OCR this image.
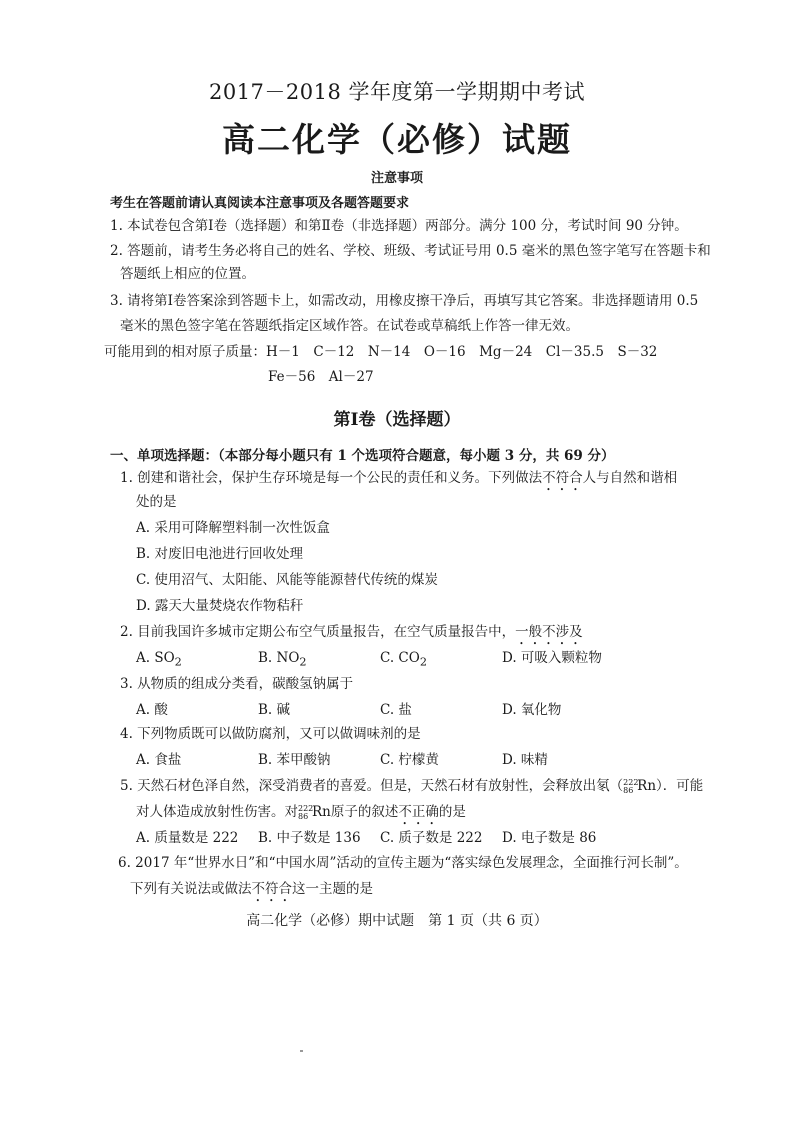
2017－2018 学年度第一学期期中考试
高二化学（必修）试题
注意事项
考生在答题前请认真阅读本注意事项及各题答题要求
1. 本试卷包含第Ⅰ卷（选择题）和第Ⅱ卷（非选择题）两部分。满分 100 分，考试时间 90 分钟。
2. 答题前，请考生务必将自己的姓名、学校、班级、考试证号用 0.5 毫米的黑色签字笔写在答题卡和
答题纸上相应的位置。
3. 请将第Ⅰ卷答案涂到答题卡上，如需改动，用橡皮擦干净后，再填写其它答案。非选择题请用 0.5
毫米的黑色签字笔在答题纸指定区域作答。在试卷或草稿纸上作答一律无效。
可能用到的相对原子质量：H－1　C－12　N－14　O－16　Mg－24　Cl－35.5　S－32
Fe－56　Al－27
第Ⅰ卷（选择题）
一、单项选择题：（本部分每小题只有 1 个选项符合题意，每小题 3 分，共 69 分）
1. 创建和谐社会，保护生存环境是每一个公民的责任和义务。下列做法不符合人与自然和谐相
处的是
A. 采用可降解塑料制一次性饭盒
B. 对废旧电池进行回收处理
C. 使用沼气、太阳能、风能等能源替代传统的煤炭
D. 露天大量焚烧农作物秸秆
2. 目前我国许多城市定期公布空气质量报告，在空气质量报告中，一般不涉及
A. $SO_2$	B. $NO_2$	C. $CO_2$	D. 可吸入颗粒物
3. 从物质的组成分类看，碳酸氢钠属于
A. 酸	B. 碱	C. 盐	D. 氧化物
4. 下列物质既可以做防腐剂，又可以做调味剂的是
A. 食盐	B. 苯甲酸钠	C. 柠檬黄	D. 味精
5. 天然石材色泽自然，深受消费者的喜爱。但是，天然石材有放射性，会释放出氡（ 222
86 Rn）．可能
对人体造成放射性伤害。对 222
86 Rn原子的叙述不正确的是
A. 质量数是 222 B. 中子数是 136 C. 质子数是 222 D. 电子数是 86
6. 2017 年“世界水日”和“中国水周”活动的宣传主题为“落实绿色发展理念，全面推行河长制”。
下列有关说法或做法不符合这一主题的是
高二化学（必修）期中试题　第 1 页（共 6 页）
